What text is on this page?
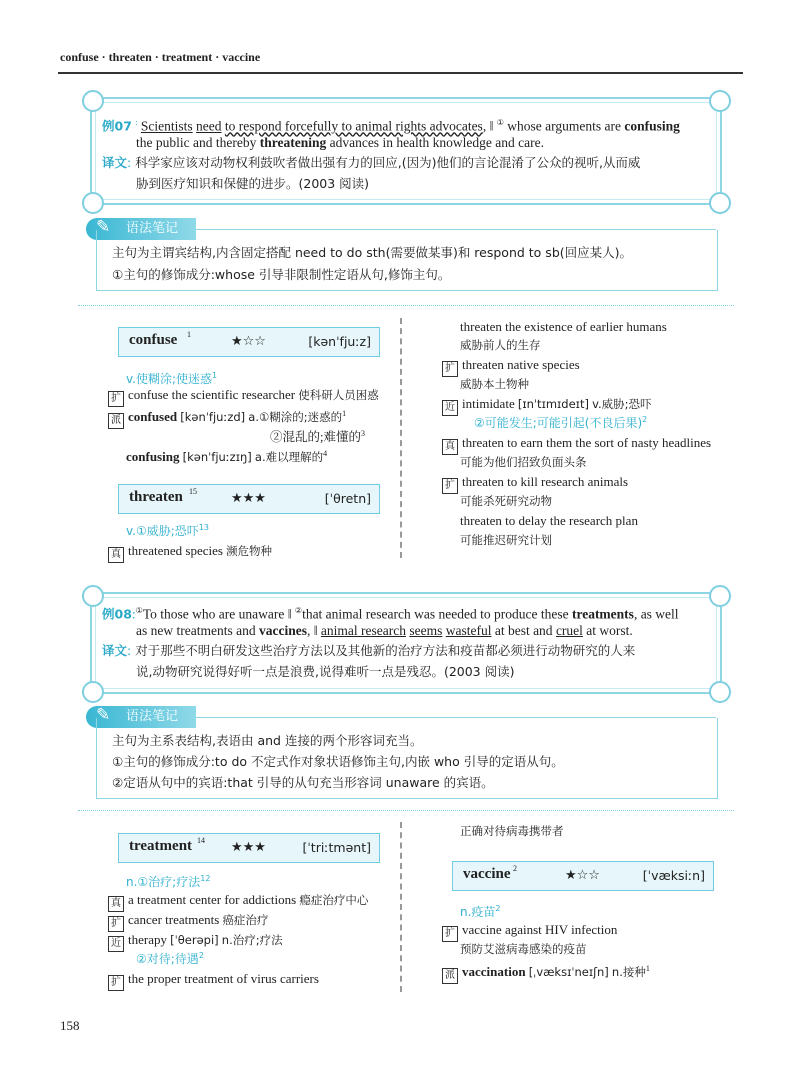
confuse · threaten · treatment · vaccine
例07 : Scientists need to respond forcefully to animal rights advocates, ‖ ① whose arguments are confusing
the public and thereby threatening advances in health knowledge and care.
译文: 科学家应该对动物权利鼓吹者做出强有力的回应,(因为)他们的言论混淆了公众的视听,从而威
胁到医疗知识和保健的进步。(2003 阅读)
✎	语法笔记
主句为主谓宾结构,内含固定搭配 need to do sth(需要做某事)和 respond to sb(回应某人)。
①主句的修饰成分:whose 引导非限制性定语从句,修饰主句。
confuse 1	★☆☆	[kənˈfjuːz]
v.使糊涂;使迷惑$^1$
扩 confuse the scientific researcher 使科研人员困惑
派 confused [kənˈfjuːzd] a.①糊涂的;迷惑的$^1$
②混乱的;难懂的$^3$
confusing [kənˈfjuːzɪŋ] a.难以理解的$^4$
threaten 15	★★★	[ˈθretn]
v.①威胁;恐吓$^{13}$
真 threatened species 濒危物种
threaten the existence of earlier humans
威胁前人的生存
扩 threaten native species
威胁本土物种
近 intimidate [ɪnˈtɪmɪdeɪt] v.威胁;恐吓
②可能发生;可能引起(不良后果)$^2$
真 threaten to earn them the sort of nasty headlines
可能为他们招致负面头条
扩 threaten to kill research animals
可能杀死研究动物
threaten to delay the research plan
可能推迟研究计划
例08:①To those who are unaware ‖ ②that animal research was needed to produce these treatments, as well
as new treatments and vaccines, ‖ animal research seems wasteful at best and cruel at worst.
译文: 对于那些不明白研发这些治疗方法以及其他新的治疗方法和疫苗都必须进行动物研究的人来
说,动物研究说得好听一点是浪费,说得难听一点是残忍。(2003 阅读)
✎	语法笔记
主句为主系表结构,表语由 and 连接的两个形容词充当。
①主句的修饰成分:to do 不定式作对象状语修饰主句,内嵌 who 引导的定语从句。
②定语从句中的宾语:that 引导的从句充当形容词 unaware 的宾语。
treatment 14 ★★★	[ˈtriːtmənt]
n.①治疗;疗法$^{12}$
真 a treatment center for addictions 瘾症治疗中心
扩 cancer treatments 癌症治疗
近 therapy [ˈθerəpi] n.治疗;疗法
②对待;待遇$^2$
扩 the proper treatment of virus carriers
正确对待病毒携带者
vaccine 2	★☆☆	[ˈvæksiːn]
n.疫苗$^2$
扩 vaccine against HIV infection
预防艾滋病毒感染的疫苗
派 vaccination [ˌvæksɪˈneɪʃn] n.接种$^1$
158
